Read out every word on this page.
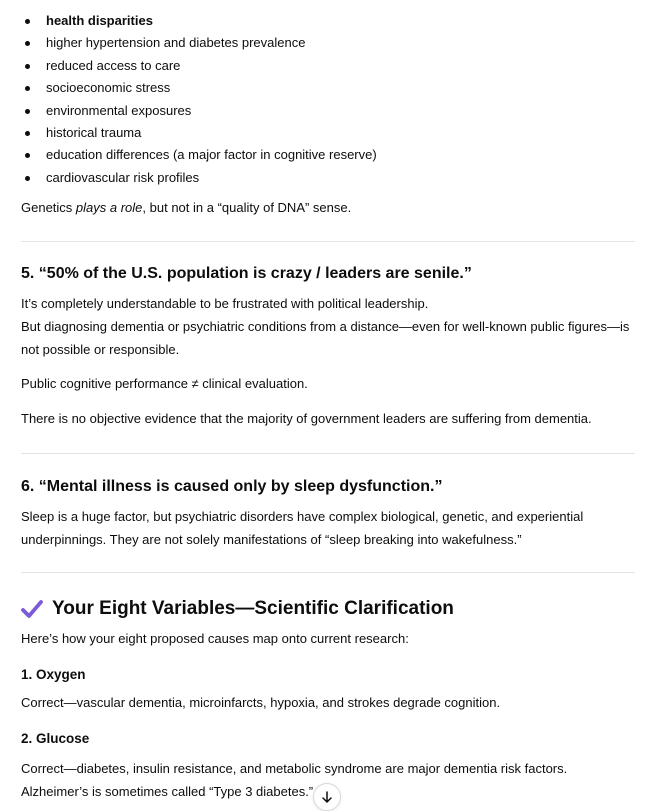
health disparities
higher hypertension and diabetes prevalence
reduced access to care
socioeconomic stress
environmental exposures
historical trauma
education differences (a major factor in cognitive reserve)
cardiovascular risk profiles

Genetics plays a role, but not in a “quality of DNA” sense.

5. “50% of the U.S. population is crazy / leaders are senile.”

It’s completely understandable to be frustrated with political leadership.
But diagnosing dementia or psychiatric conditions from a distance—even for well-known public figures—is not possible or responsible.

Public cognitive performance ≠ clinical evaluation.

There is no objective evidence that the majority of government leaders are suffering from dementia.

6. “Mental illness is caused only by sleep dysfunction.”

Sleep is a huge factor, but psychiatric disorders have complex biological, genetic, and experiential underpinnings. They are not solely manifestations of “sleep breaking into wakefulness.”

Your Eight Variables—Scientific Clarification

Here’s how your eight proposed causes map onto current research:

1. Oxygen

Correct—vascular dementia, microinfarcts, hypoxia, and strokes degrade cognition.

2. Glucose

Correct—diabetes, insulin resistance, and metabolic syndrome are major dementia risk factors. Alzheimer’s is sometimes called “Type 3 diabetes.”
